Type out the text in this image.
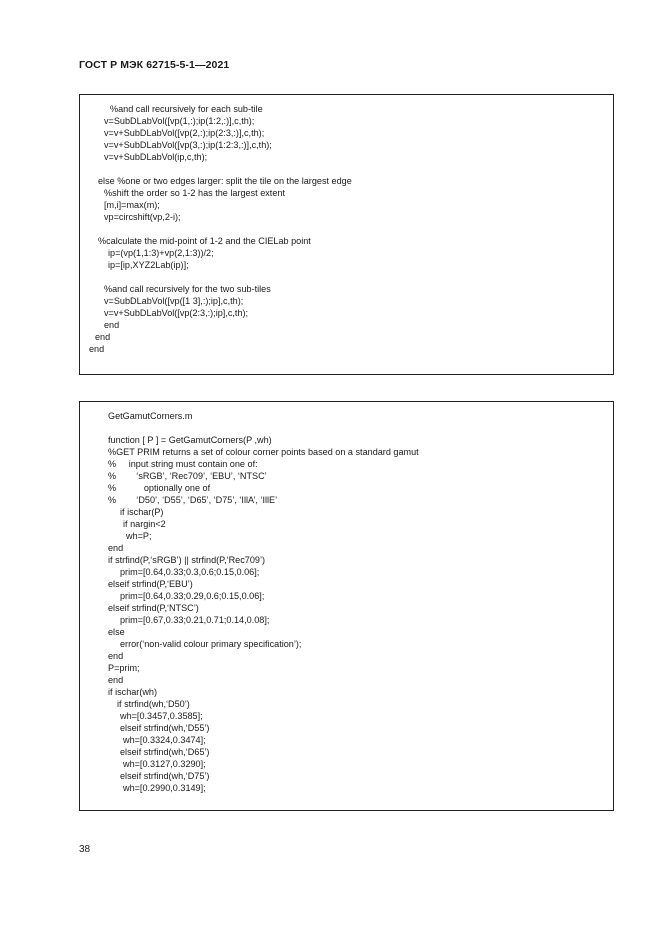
ГОСТ Р МЭК 62715-5-1—2021
%and call recursively for each sub-tile
v=SubDLabVol([vp(1,:);ip(1:2,:)],c,th);
v=v+SubDLabVol([vp(2,:);ip(2:3,:)],c,th);
v=v+SubDLabVol([vp(3,:);ip(1:2:3,:)],c,th);
v=v+SubDLabVol(ip,c,th);
else %one or two edges larger: split the tile on the largest edge
%shift the order so 1-2 has the largest extent
[m,i]=max(m);
vp=circshift(vp,2-i);
%calculate the mid-point of 1-2 and the CIELab point
ip=(vp(1,1:3)+vp(2,1:3))/2;
ip=[ip,XYZ2Lab(ip)];
%and call recursively for the two sub-tiles
v=SubDLabVol([vp([1 3],:);ip],c,th);
v=v+SubDLabVol([vp(2:3,:);ip],c,th);
end
end
end
GetGamutCorners.m
function [ P ] = GetGamutCorners(P ,wh)
%GET PRIM returns a set of colour corner points based on a standard gamut
%     input string must contain one of:
%        ‘sRGB’, ‘Rec709’, ‘EBU’, ‘NTSC’
%           optionally one of
%        ‘D50’, ‘D55’, ‘D65’, ‘D75’, ‘IllA’, ‘IllE’
if ischar(P)
if nargin<2
wh=P;
end
if strfind(P,‘sRGB’) || strfind(P,‘Rec709’)
prim=[0.64,0.33;0.3,0.6;0.15,0.06];
elseif strfind(P,‘EBU’)
prim=[0.64,0.33;0.29,0.6;0.15,0.06];
elseif strfind(P,‘NTSC’)
prim=[0.67,0.33;0.21,0.71;0.14,0.08];
else
error(‘non-valid colour primary specification’);
end
P=prim;
end
if ischar(wh)
if strfind(wh,‘D50’)
wh=[0.3457,0.3585];
elseif strfind(wh,‘D55’)
wh=[0.3324,0.3474];
elseif strfind(wh,‘D65’)
wh=[0.3127,0.3290];
elseif strfind(wh,‘D75’)
wh=[0.2990,0.3149];
38
